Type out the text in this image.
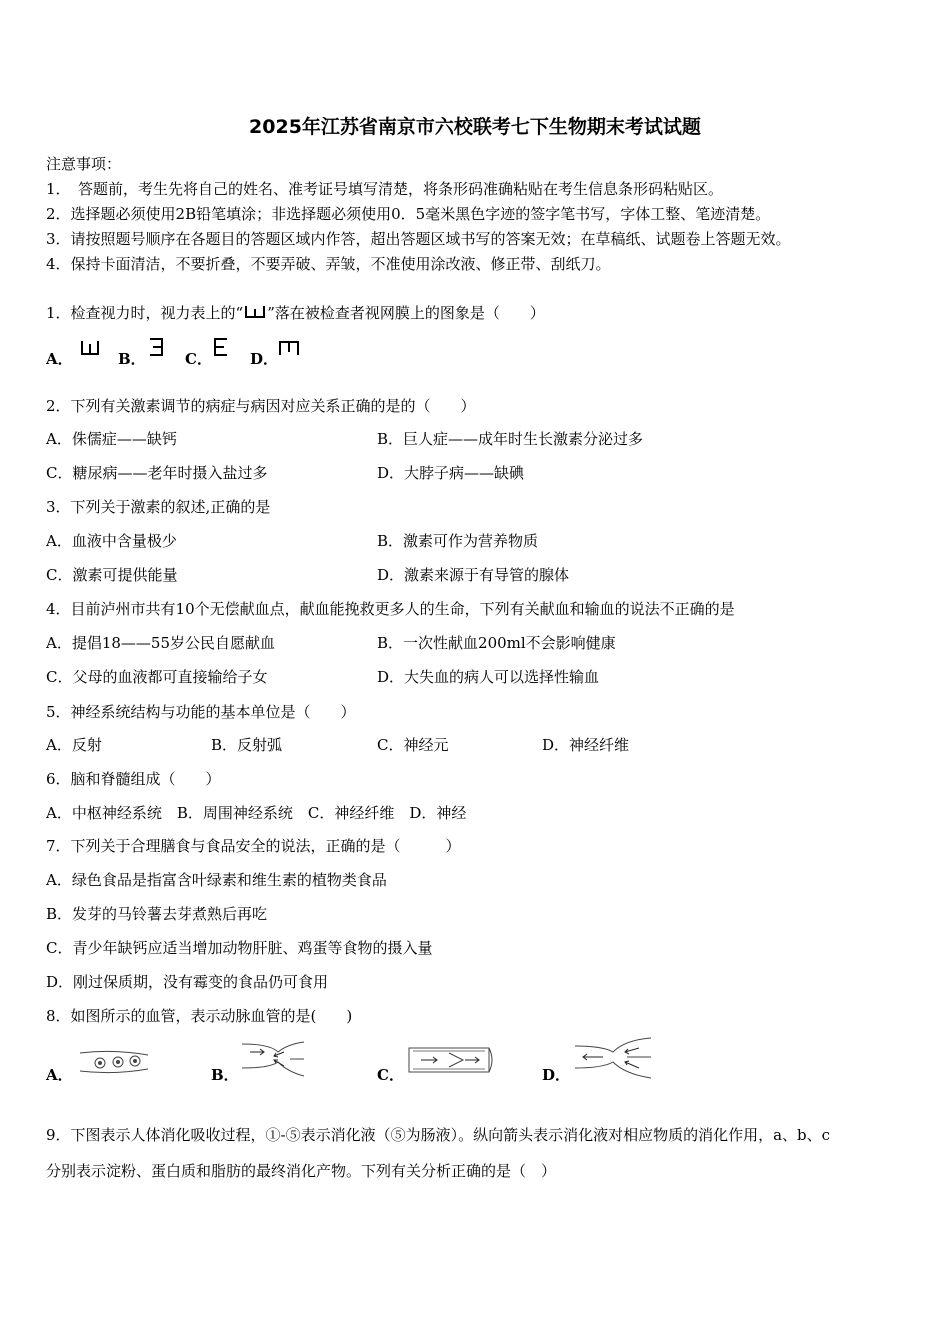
2025年江苏省南京市六校联考七下生物期末考试试题
注意事项：
1．　答题前，考生先将自己的姓名、准考证号填写清楚，将条形码准确粘贴在考生信息条形码粘贴区。
2．选择题必须使用2B铅笔填涂；非选择题必须使用0．5毫米黑色字迹的签字笔书写，字体工整、笔迹清楚。
3．请按照题号顺序在各题目的答题区域内作答，超出答题区域书写的答案无效；在草稿纸、试题卷上答题无效。
4．保持卡面清洁，不要折叠，不要弄破、弄皱，不准使用涂改液、修正带、刮纸刀。
1．检查视力时，视力表上的“ ”落在被检查者视网膜上的图象是（　　）
A．	B．	C．	D．
2．下列有关激素调节的病症与病因对应关系正确的是的（　　）
A．侏儒症——缺钙	B．巨人症——成年时生长激素分泌过多
C．糖尿病——老年时摄入盐过多	D．大脖子病——缺碘
3．下列关于激素的叙述,正确的是
A．血液中含量极少	B．激素可作为营养物质
C．激素可提供能量	D．激素来源于有导管的腺体
4．目前泸州市共有10个无偿献血点，献血能挽救更多人的生命，下列有关献血和输血的说法不正确的是
A．提倡18——55岁公民自愿献血	B．一次性献血200ml不会影响健康
C．父母的血液都可直接输给子女	D．大失血的病人可以选择性输血
5．神经系统结构与功能的基本单位是（　　）
A．反射	B．反射弧	C．神经元	D．神经纤维
6．脑和脊髓组成（　　）
A．中枢神经系统　B．周围神经系统　C．神经纤维　D．神经
7．下列关于合理膳食与食品安全的说法，正确的是（　　　）
A．绿色食品是指富含叶绿素和维生素的植物类食品
B．发芽的马铃薯去芽煮熟后再吃
C．青少年缺钙应适当增加动物肝脏、鸡蛋等食物的摄入量
D．刚过保质期，没有霉变的食品仍可食用
8．如图所示的血管，表示动脉血管的是(　　)
A．	B．	C．	D．
9．下图表示人体消化吸收过程，①-⑤表示消化液（⑤为肠液）。纵向箭头表示消化液对相应物质的消化作用，a、b、c
分别表示淀粉、蛋白质和脂肪的最终消化产物。下列有关分析正确的是（　）
